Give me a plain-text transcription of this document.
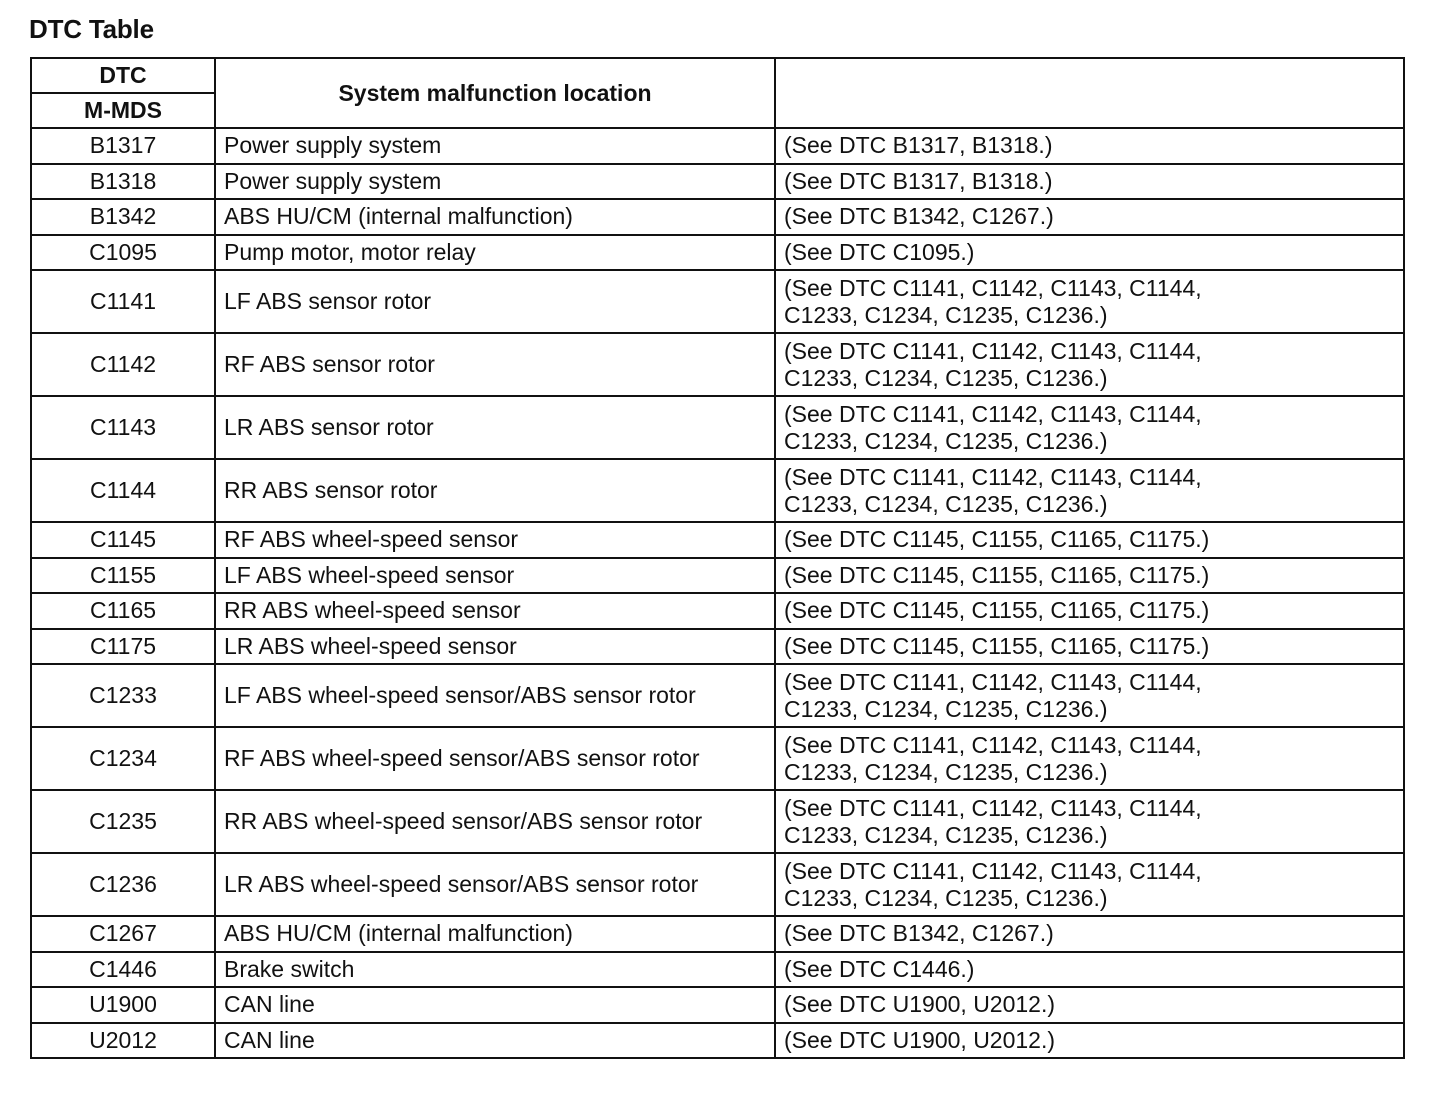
DTC Table
DTC	System malfunction location	
M-MDS		
B1317	Power supply system	(See DTC B1317, B1318.)

B1318	Power supply system	(See DTC B1317, B1318.)

B1342	ABS HU/CM (internal malfunction)	(See DTC B1342, C1267.)

C1095	Pump motor, motor relay	(See DTC C1095.)

C1141	LF ABS sensor rotor	(See DTC C1141, C1142, C1143, C1144,
C1233, C1234, C1235, C1236.)

C1142	RF ABS sensor rotor	(See DTC C1141, C1142, C1143, C1144,
C1233, C1234, C1235, C1236.)

C1143	LR ABS sensor rotor	(See DTC C1141, C1142, C1143, C1144,
C1233, C1234, C1235, C1236.)

C1144	RR ABS sensor rotor	(See DTC C1141, C1142, C1143, C1144,
C1233, C1234, C1235, C1236.)

C1145	RF ABS wheel-speed sensor	(See DTC C1145, C1155, C1165, C1175.)

C1155	LF ABS wheel-speed sensor	(See DTC C1145, C1155, C1165, C1175.)

C1165	RR ABS wheel-speed sensor	(See DTC C1145, C1155, C1165, C1175.)

C1175	LR ABS wheel-speed sensor	(See DTC C1145, C1155, C1165, C1175.)

C1233	LF ABS wheel-speed sensor/ABS sensor rotor	(See DTC C1141, C1142, C1143, C1144,
C1233, C1234, C1235, C1236.)

C1234	RF ABS wheel-speed sensor/ABS sensor rotor	(See DTC C1141, C1142, C1143, C1144,
C1233, C1234, C1235, C1236.)

C1235	RR ABS wheel-speed sensor/ABS sensor rotor	(See DTC C1141, C1142, C1143, C1144,
C1233, C1234, C1235, C1236.)

C1236	LR ABS wheel-speed sensor/ABS sensor rotor	(See DTC C1141, C1142, C1143, C1144,
C1233, C1234, C1235, C1236.)

C1267	ABS HU/CM (internal malfunction)	(See DTC B1342, C1267.)

C1446	Brake switch	(See DTC C1446.)

U1900	CAN line	(See DTC U1900, U2012.)

U2012	CAN line	(See DTC U1900, U2012.)
